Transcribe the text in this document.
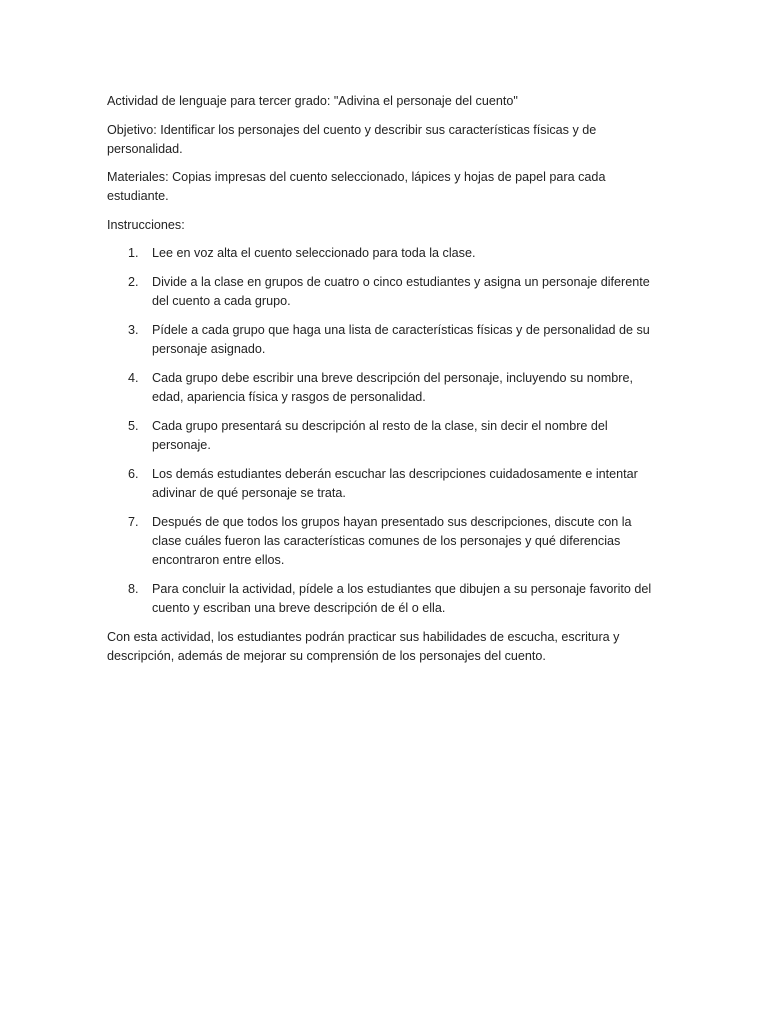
Actividad de lenguaje para tercer grado: "Adivina el personaje del cuento"

Objetivo: Identificar los personajes del cuento y describir sus características físicas y de personalidad.

Materiales: Copias impresas del cuento seleccionado, lápices y hojas de papel para cada estudiante.

Instrucciones:

1. Lee en voz alta el cuento seleccionado para toda la clase.
2. Divide a la clase en grupos de cuatro o cinco estudiantes y asigna un personaje diferente del cuento a cada grupo.
3. Pídele a cada grupo que haga una lista de características físicas y de personalidad de su personaje asignado.
4. Cada grupo debe escribir una breve descripción del personaje, incluyendo su nombre, edad, apariencia física y rasgos de personalidad.
5. Cada grupo presentará su descripción al resto de la clase, sin decir el nombre del personaje.
6. Los demás estudiantes deberán escuchar las descripciones cuidadosamente e intentar adivinar de qué personaje se trata.
7. Después de que todos los grupos hayan presentado sus descripciones, discute con la clase cuáles fueron las características comunes de los personajes y qué diferencias encontraron entre ellos.
8. Para concluir la actividad, pídele a los estudiantes que dibujen a su personaje favorito del cuento y escriban una breve descripción de él o ella.

Con esta actividad, los estudiantes podrán practicar sus habilidades de escucha, escritura y descripción, además de mejorar su comprensión de los personajes del cuento.
